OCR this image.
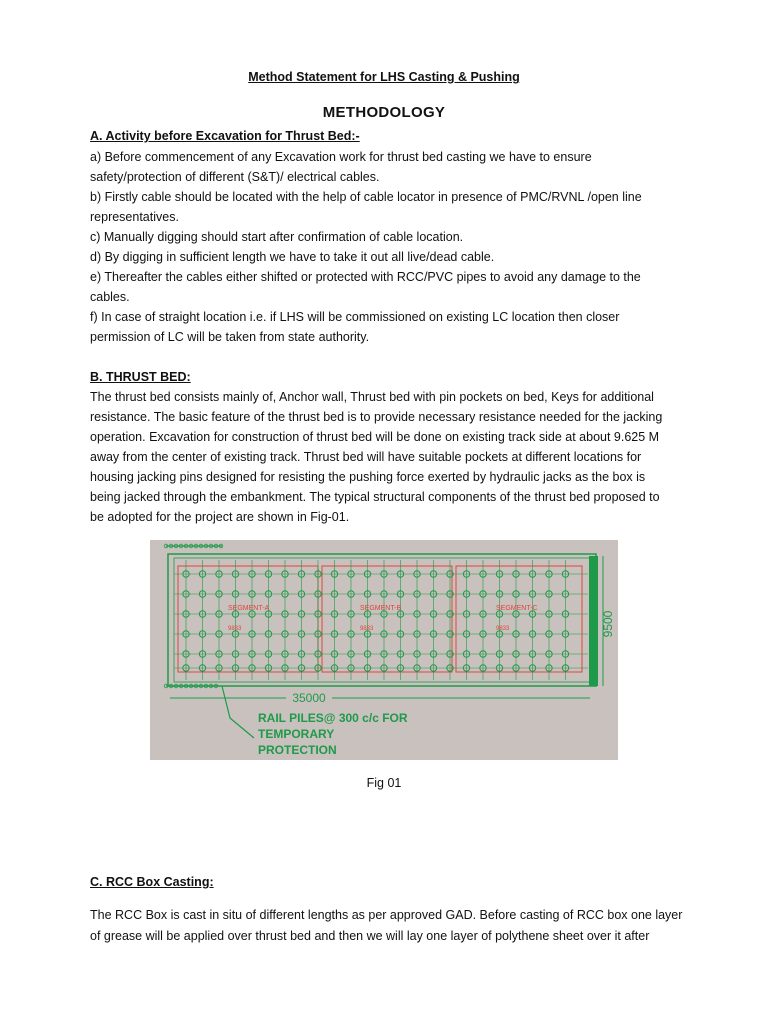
Method Statement for LHS Casting & Pushing
METHODOLOGY
A. Activity before Excavation for Thrust Bed:-
a) Before commencement of any Excavation work for thrust bed casting we have to ensure
safety/protection of different (S&T)/ electrical cables.
b) Firstly cable should be located with the help of cable locator in presence of PMC/RVNL /open line
representatives.
c) Manually digging should start after confirmation of cable location.
d) By digging in sufficient length we have to take it out all live/dead cable.
e) Thereafter the cables either shifted or protected with RCC/PVC pipes to avoid any damage to the
cables.
f) In case of straight location i.e. if LHS will be commissioned on existing LC location then closer
permission of LC will be taken from state authority.
B. THRUST BED:
The thrust bed consists mainly of, Anchor wall, Thrust bed with pin pockets on bed, Keys for additional
resistance. The basic feature of the thrust bed is to provide necessary resistance needed for the jacking
operation. Excavation for construction of thrust bed will be done on existing track side at about 9.625 M
away from the center of existing track. Thrust bed will have suitable pockets at different locations for
housing jacking pins designed for resisting the pushing force exerted by hydraulic jacks as the box is
being jacked through the embankment. The typical structural components of the thrust bed proposed to
be adopted for the project are shown in Fig-01.
SEGMENT-A	SEGMENT-B	SEGMENT-C
9833	9833	9833	9500
35000
RAIL PILES@ 300 c/c FOR
TEMPORARY
PROTECTION
Fig 01
C. RCC Box Casting:
The RCC Box is cast in situ of different lengths as per approved GAD. Before casting of RCC box one layer
of grease will be applied over thrust bed and then we will lay one layer of polythene sheet over it after
